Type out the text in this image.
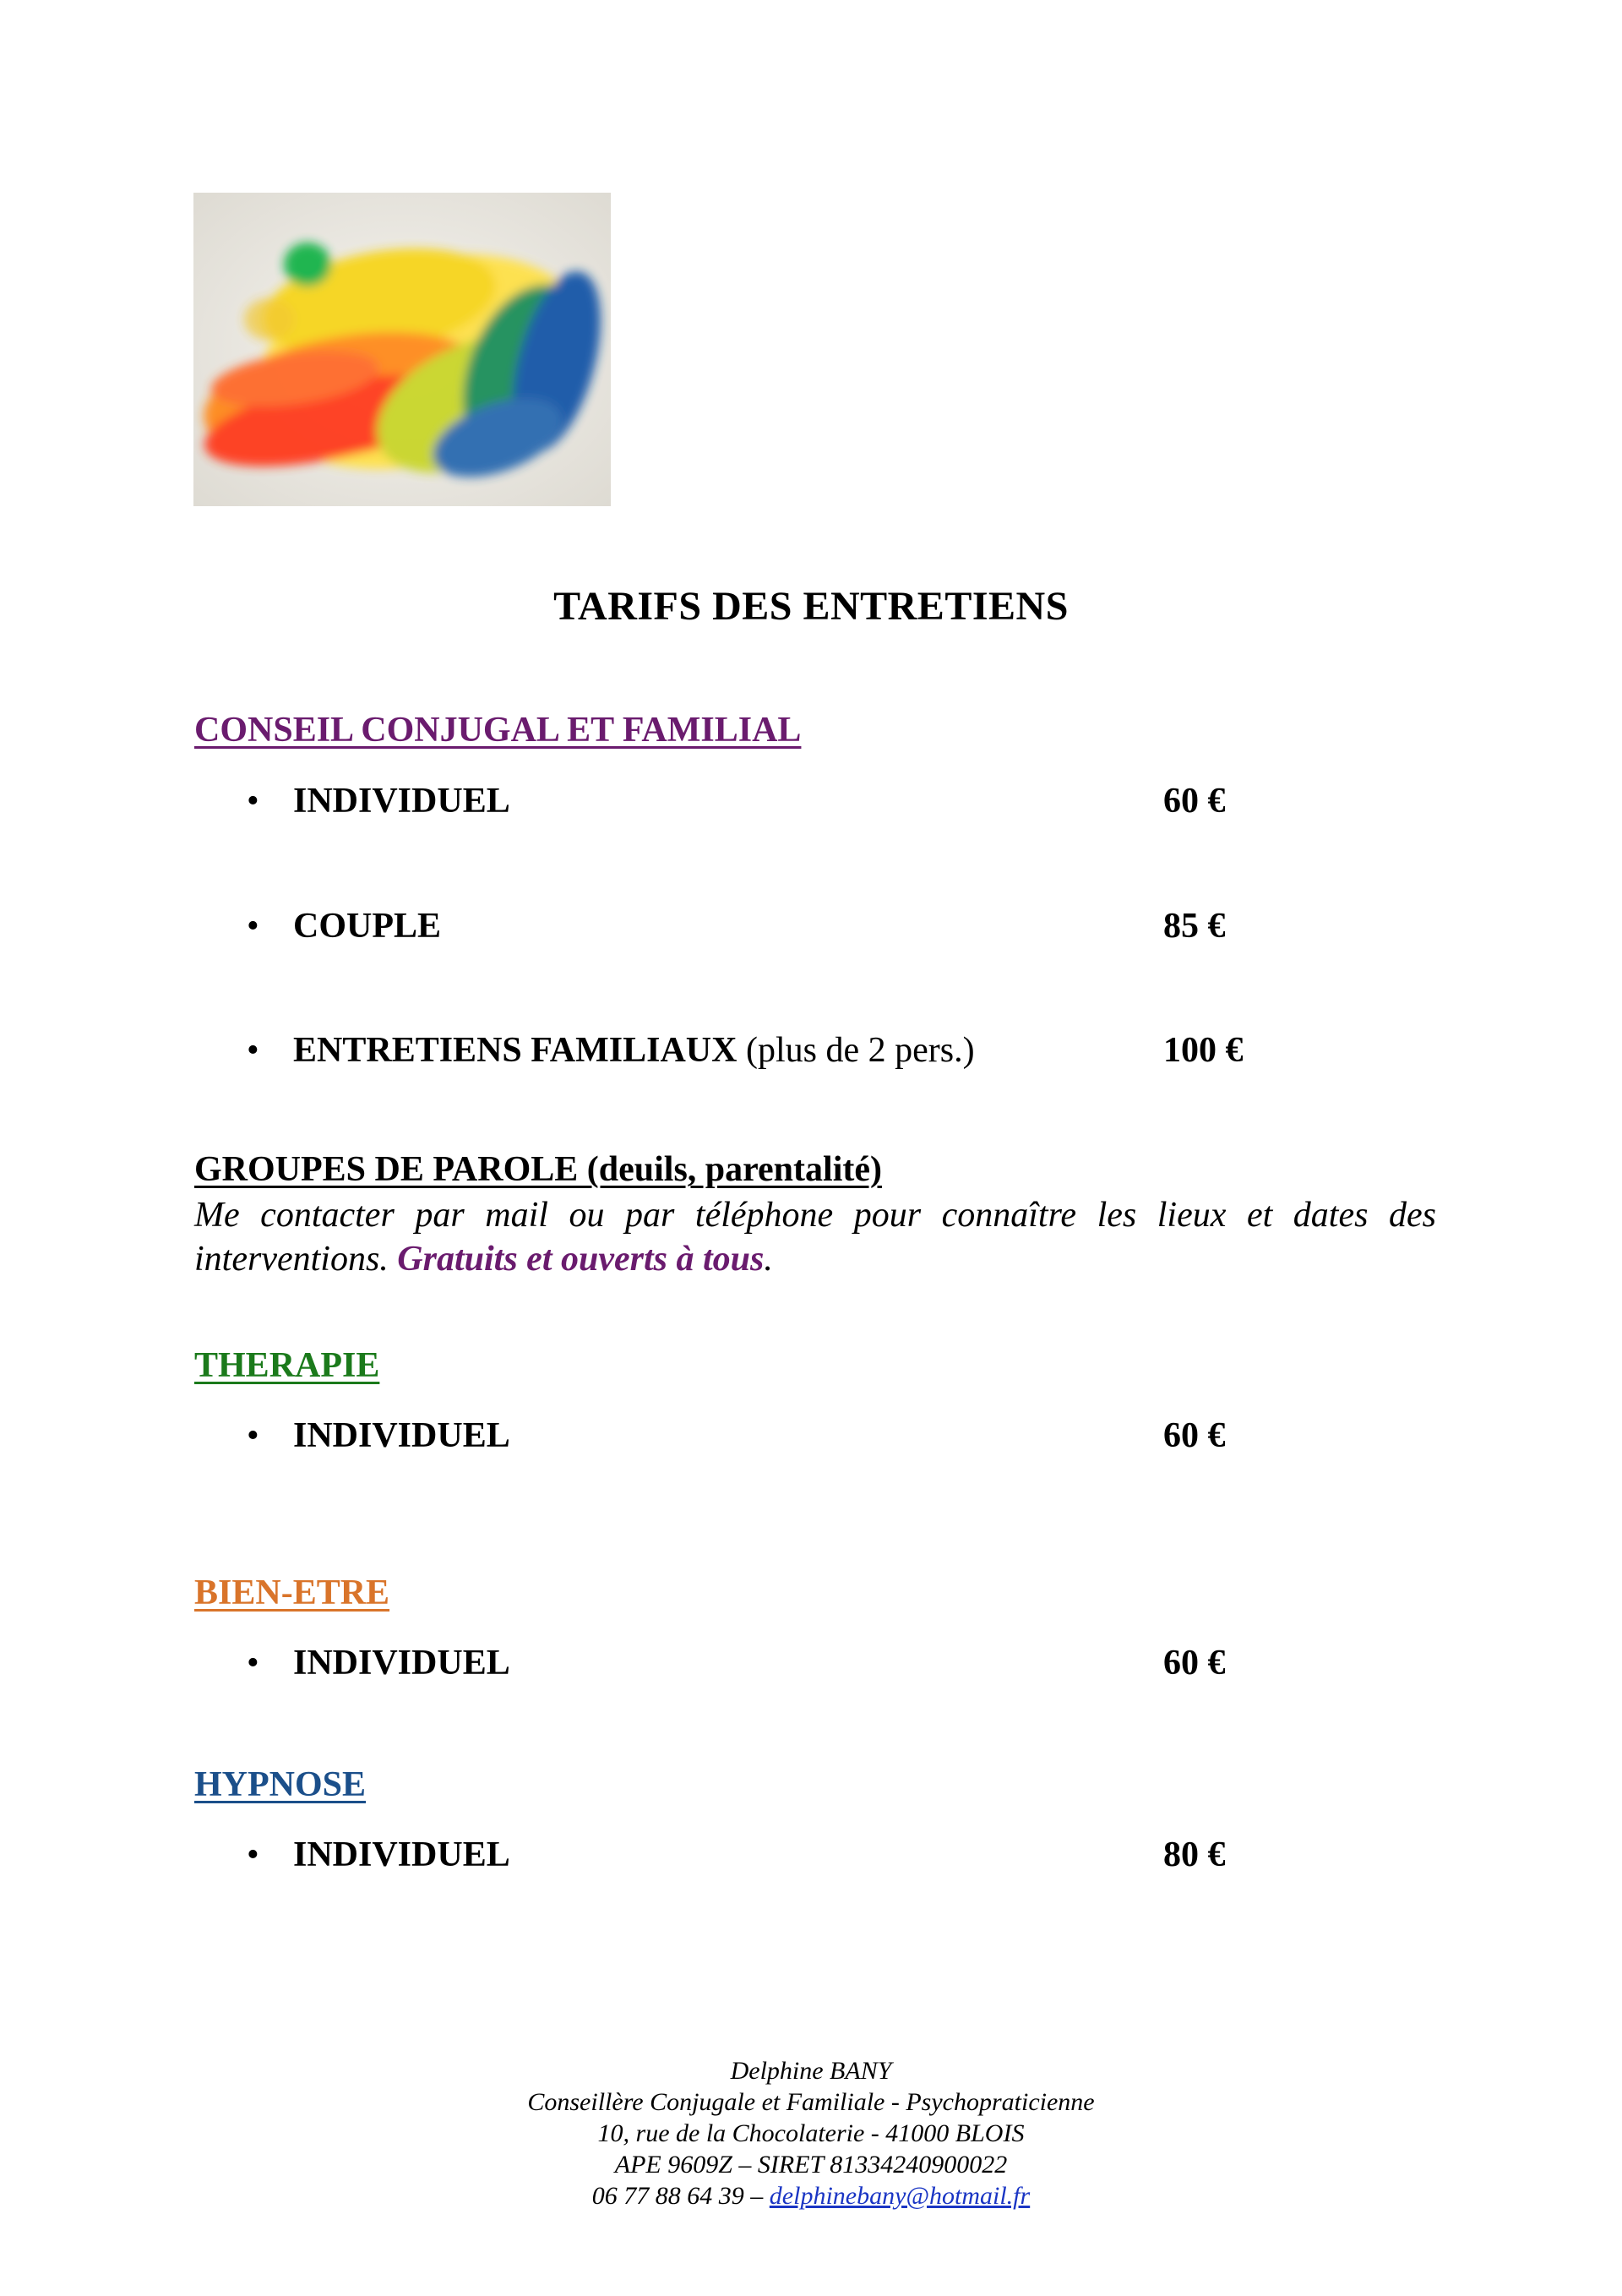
TARIFS DES ENTRETIENS
CONSEIL CONJUGAL ET FAMILIAL
• INDIVIDUEL	60 €
• COUPLE	85 €
• ENTRETIENS FAMILIAUX (plus de 2 pers.)	100 €
GROUPES DE PAROLE (deuils, parentalité)
Me contacter par mail ou par téléphone pour connaître les lieux et dates des interventions. Gratuits et ouverts à tous.
THERAPIE
• INDIVIDUEL	60 €
BIEN-ETRE
• INDIVIDUEL	60 €
HYPNOSE
• INDIVIDUEL	80 €
Delphine BANY
Conseillère Conjugale et Familiale - Psychopraticienne
10, rue de la Chocolaterie - 41000 BLOIS
APE 9609Z – SIRET 81334240900022
06 77 88 64 39 – delphinebany@hotmail.fr
